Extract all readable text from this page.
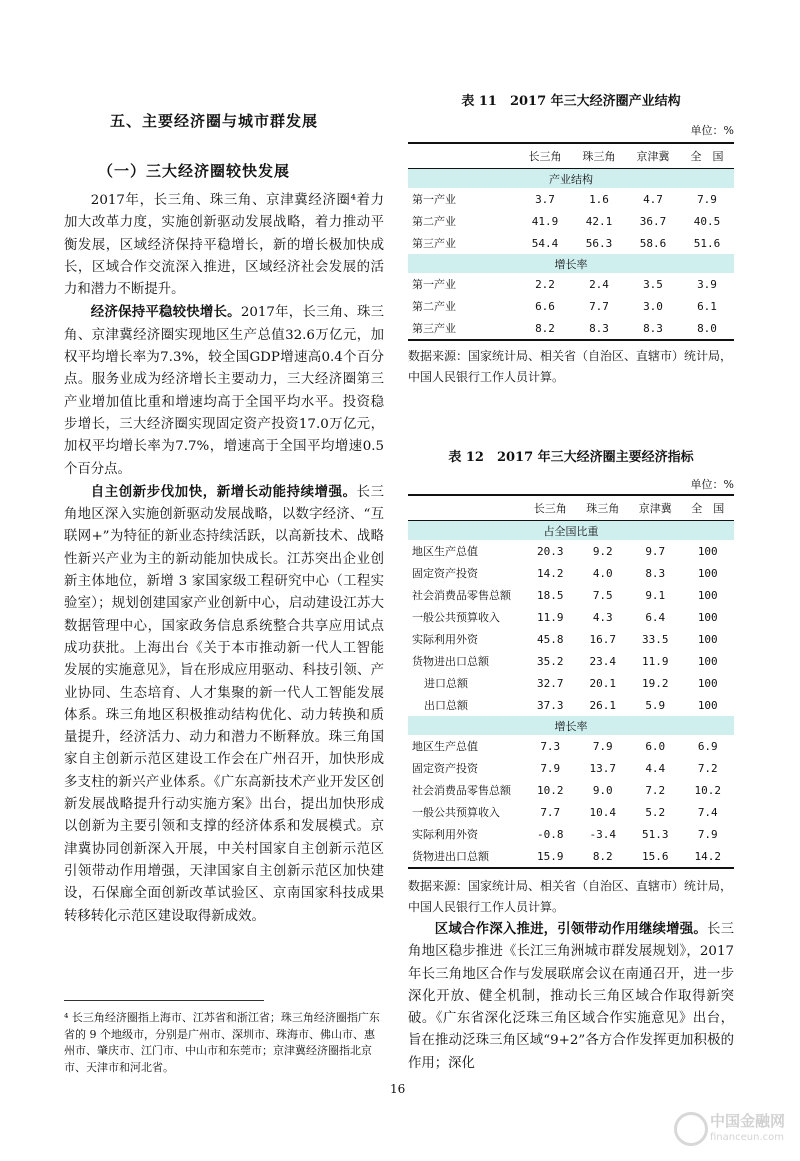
五、主要经济圈与城市群发展
（一）三大经济圈较快发展

2017年，长三角、珠三角、京津冀经济圈⁴着力加大改革力度，实施创新驱动发展战略，着力推动平衡发展，区域经济保持平稳增长，新的增长极加快成长，区域合作交流深入推进，区域经济社会发展的活力和潜力不断提升。

经济保持平稳较快增长。2017年，长三角、珠三角、京津冀经济圈实现地区生产总值32.6万亿元，加权平均增长率为7.3%，较全国GDP增速高0.4个百分点。服务业成为经济增长主要动力，三大经济圈第三产业增加值比重和增速均高于全国平均水平。投资稳步增长，三大经济圈实现固定资产投资17.0万亿元，加权平均增长率为7.7%，增速高于全国平均增速0.5个百分点。

自主创新步伐加快，新增长动能持续增强。长三角地区深入实施创新驱动发展战略，以数字经济、“互联网+”为特征的新业态持续活跃，以高新技术、战略性新兴产业为主的新动能加快成长。江苏突出企业创新主体地位，新增 3 家国家级工程研究中心（工程实验室）；规划创建国家产业创新中心，启动建设江苏大数据管理中心，国家政务信息系统整合共享应用试点成功获批。上海出台《关于本市推动新一代人工智能发展的实施意见》，旨在形成应用驱动、科技引领、产业协同、生态培育、人才集聚的新一代人工智能发展体系。珠三角地区积极推动结构优化、动力转换和质量提升，经济活力、动力和潜力不断释放。珠三角国家自主创新示范区建设工作会在广州召开，加快形成多支柱的新兴产业体系。《广东高新技术产业开发区创新发展战略提升行动实施方案》出台，提出加快形成以创新为主要引领和支撑的经济体系和发展模式。京津冀协同创新深入开展，中关村国家自主创新示范区引领带动作用增强，天津国家自主创新示范区加快建设，石保廊全面创新改革试验区、京南国家科技成果转移转化示范区建设取得新成效。

⁴ 长三角经济圈指上海市、江苏省和浙江省；珠三角经济圈指广东省的 9 个地级市，分别是广州市、深圳市、珠海市、佛山市、惠州市、肇庆市、江门市、中山市和东莞市；京津冀经济圈指北京市、天津市和河北省。
表 11　2017 年三大经济圈产业结构
单位：%
	长三角	珠三角	京津冀	全　国
产业结构				
第一产业	3.7	1.6	4.7	7.9
第二产业	41.9	42.1	36.7	40.5
第三产业	54.4	56.3	58.6	51.6
增长率				
第一产业	2.2	2.4	3.5	3.9
第二产业	6.6	7.7	3.0	6.1
第三产业	8.2	8.3	8.3	8.0
数据来源：国家统计局、相关省（自治区、直辖市）统计局，中国人民银行工作人员计算。
表 12　2017 年三大经济圈主要经济指标
单位：%
	长三角	珠三角	京津冀	全　国
占全国比重				
地区生产总值	20.3	9.2	9.7	100
固定资产投资	14.2	4.0	8.3	100
社会消费品零售总额	18.5	7.5	9.1	100
一般公共预算收入	11.9	4.3	6.4	100
实际利用外资	45.8	16.7	33.5	100
货物进出口总额	35.2	23.4	11.9	100
进口总额	32.7	20.1	19.2	100
出口总额	37.3	26.1	5.9	100
增长率				
地区生产总值	7.3	7.9	6.0	6.9
固定资产投资	7.9	13.7	4.4	7.2
社会消费品零售总额	10.2	9.0	7.2	10.2
一般公共预算收入	7.7	10.4	5.2	7.4
实际利用外资	-0.8	-3.4	51.3	7.9
货物进出口总额	15.9	8.2	15.6	14.2
数据来源：国家统计局、相关省（自治区、直辖市）统计局，中国人民银行工作人员计算。

区域合作深入推进，引领带动作用继续增强。长三角地区稳步推进《长江三角洲城市群发展规划》，2017年长三角地区合作与发展联席会议在南通召开，进一步深化开放、健全机制，推动长三角区域合作取得新突破。《广东省深化泛珠三角区域合作实施意见》出台，旨在推动泛珠三角区域“9+2”各方合作发挥更加积极的作用；深化

16
中国金融网
financeun.com
